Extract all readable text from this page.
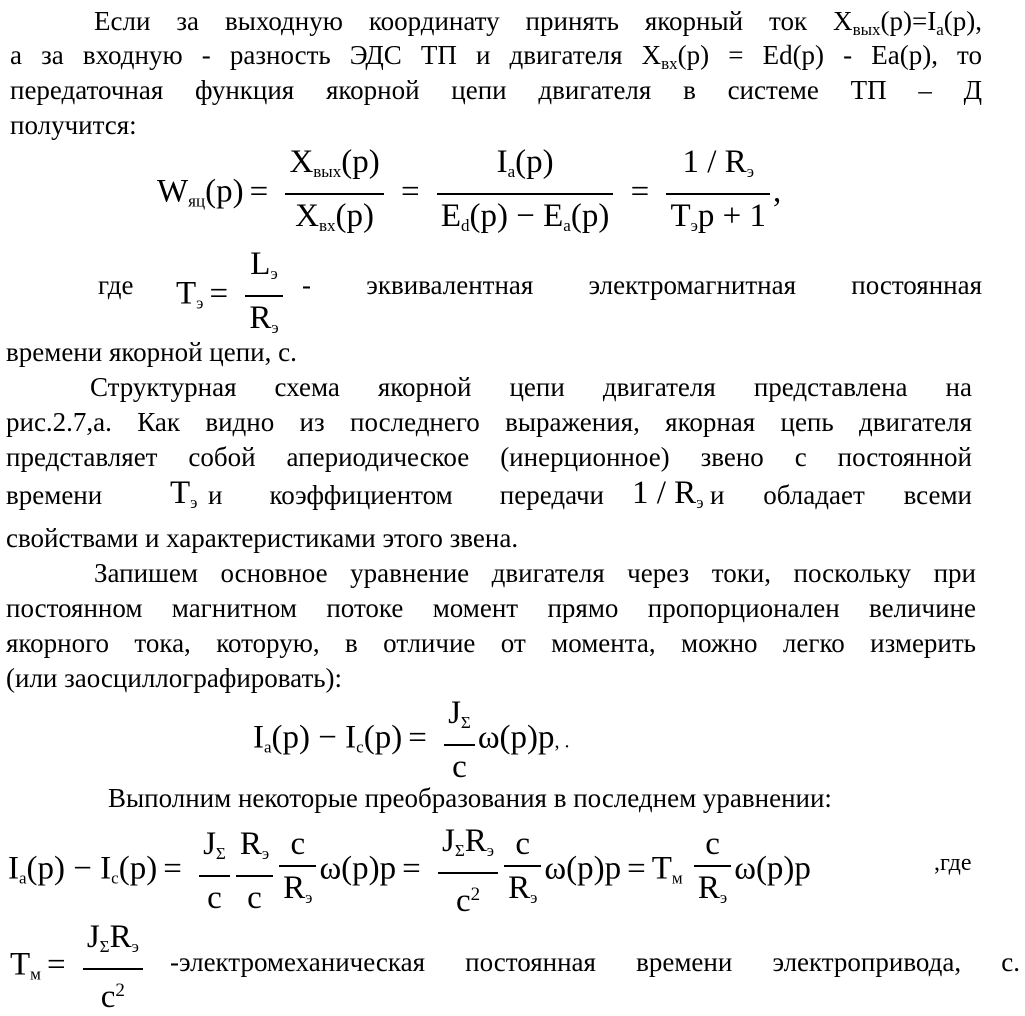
Если за выходную координату принять якорный ток $X_{вых}(p)=I_a(p)$,
а за входную - разность ЭДС ТП и двигателя $X_{вх}(p) = Ed(p) - Ea(p)$, то
передаточная функция якорной цепи двигателя в системе ТП – Д
получится:
$W_{яц}(p) = \frac{X_{вых}(p)}{X_{вх}(p)} = \frac{I_a(p)}{E_d(p) - E_a(p)} = \frac{1 / R_э}{T_эp + 1}$ ,
где $T_э = \frac{L_э}{R_э}$ - эквивалентная электромагнитная постоянная
времени якорной цепи, с.
Структурная схема якорной цепи двигателя представлена на
рис.2.7,а. Как видно из последнего выражения, якорная цепь двигателя
представляет собой апериодическое (инерционное) звено с постоянной
времени $T_э$ и коэффициентом передачи $1 / R_э$ и обладает всеми
свойствами и характеристиками этого звена.
Запишем основное уравнение двигателя через токи, поскольку при
постоянном магнитном потоке момент прямо пропорционален величине
якорного тока, которую, в отличие от момента, можно легко измерить
(или заосциллографировать):
$I_a(p) - I_c(p) = \frac{J_\Sigma}{c} \omega(p)p$, .
Выполним некоторые преобразования в последнем уравнении:
$I_a(p) - I_c(p) = \frac{J_\Sigma}{c} \frac{R_э}{c} \frac{c}{R_э} \omega(p)p = \frac{J_\Sigma R_э}{c^2} \frac{c}{R_э} \omega(p)p = T_м \frac{c}{R_э} \omega(p)p$	,где
$T_м = \frac{J_\Sigma R_э}{c^2}$ -электромеханическая постоянная времени электропривода, с.
